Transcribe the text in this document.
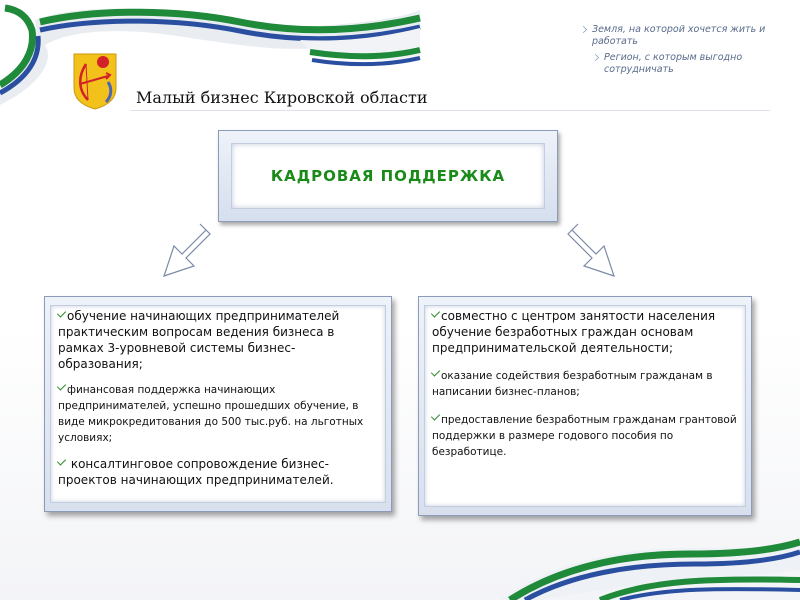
Малый бизнес Кировской области
Земля, на которой хочется жить и работать
Регион, с которым выгодно сотрудничать
КАДРОВАЯ ПОДДЕРЖКА
обучение начинающих предпринимателей практическим вопросам ведения бизнеса в рамках 3-уровневой системы бизнес-образования;
финансовая поддержка начинающих предпринимателей, успешно прошедших обучение, в виде микрокредитования до 500 тыс.руб. на льготных условиях;
консалтинговое сопровождение бизнес-проектов начинающих предпринимателей.
совместно с центром занятости населения обучение безработных граждан основам предпринимательской деятельности;
оказание содействия безработным гражданам в написании бизнес-планов;
предоставление безработным гражданам грантовой поддержки в размере годового пособия по безработице.
